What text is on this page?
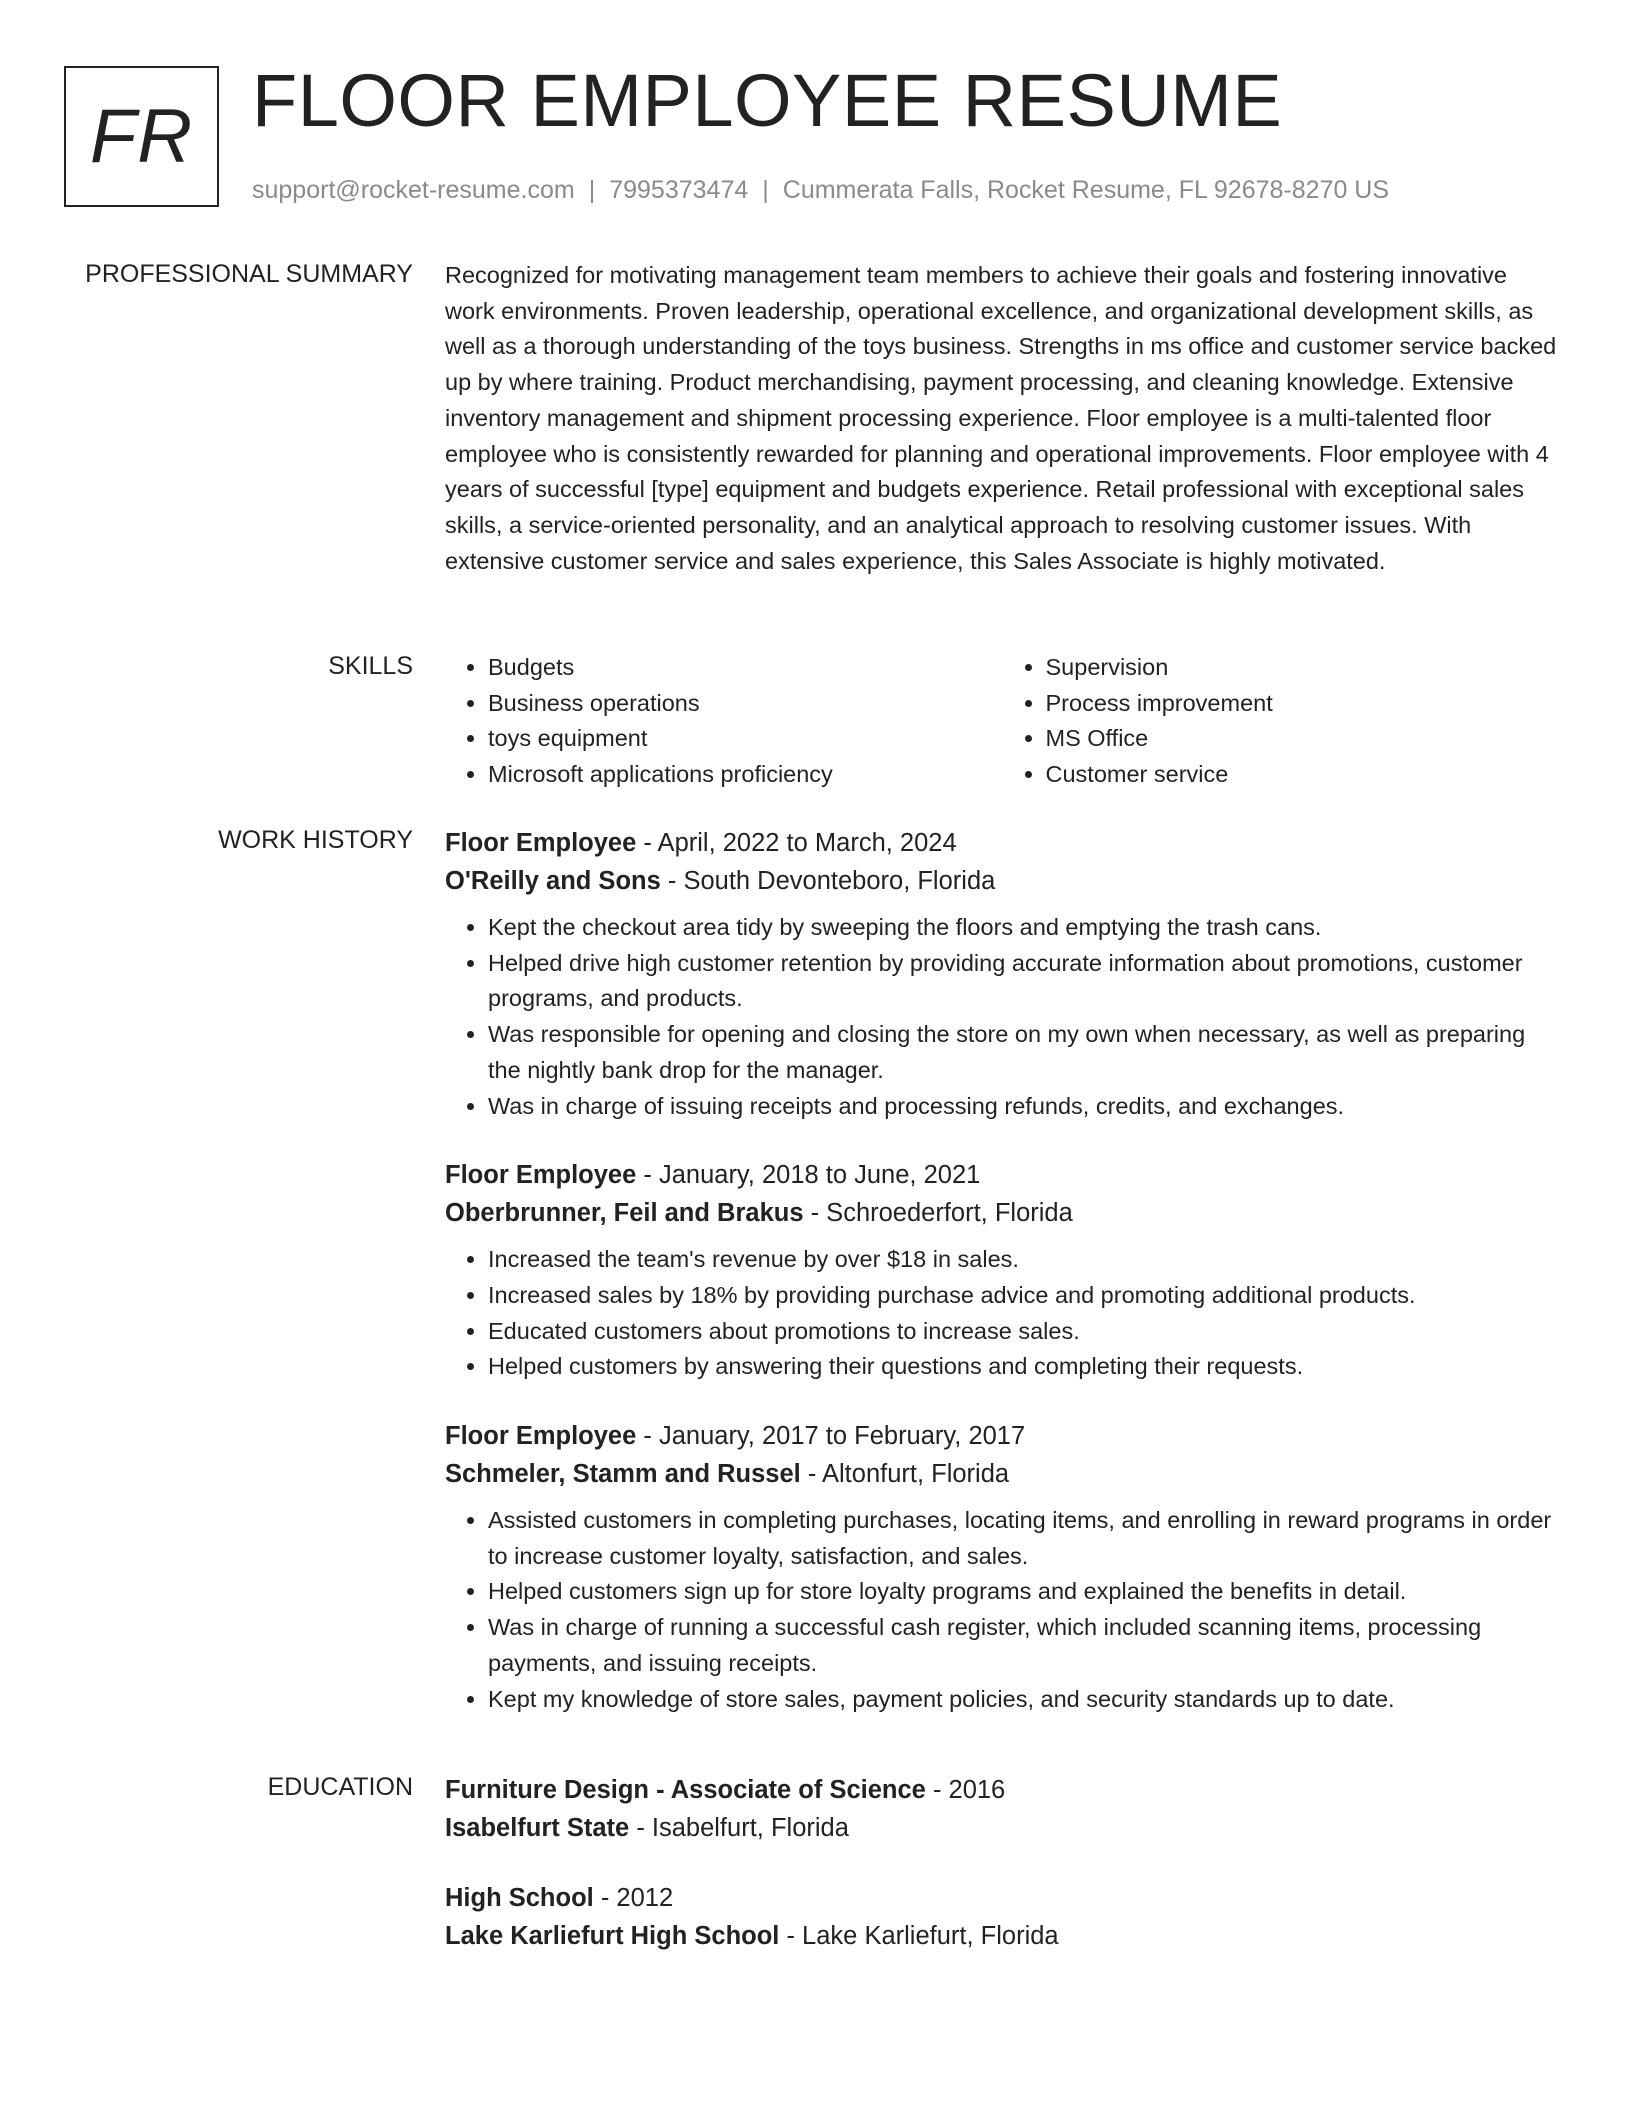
FR FLOOR EMPLOYEE RESUME
support@rocket-resume.com | 7995373474 | Cummerata Falls, Rocket Resume, FL 92678-8270 US
PROFESSIONAL SUMMARY Recognized for motivating management team members to achieve their goals and fostering innovative work environments. Proven leadership, operational excellence, and organizational development skills, as well as a thorough understanding of the toys business. Strengths in ms office and customer service backed up by where training. Product merchandising, payment processing, and cleaning knowledge. Extensive inventory management and shipment processing experience. Floor employee is a multi-talented floor employee who is consistently rewarded for planning and operational improvements. Floor employee with 4 years of successful [type] equipment and budgets experience. Retail professional with exceptional sales skills, a service-oriented personality, and an analytical approach to resolving customer issues. With extensive customer service and sales experience, this Sales Associate is highly motivated.

SKILLS
•	Budgets
• Business operations
• toys equipment
• Microsoft applications proficiency
• Supervision
• Process improvement
• MS Office
• Customer service
WORK HISTORY Floor Employee - April, 2022 to March, 2024

O'Reilly and Sons - South Devonteboro, Florida

• Kept the checkout area tidy by sweeping the floors and emptying the trash cans.
• Helped drive high customer retention by providing accurate information about promotions, customer programs, and products.
• Was responsible for opening and closing the store on my own when necessary, as well as preparing the nightly bank drop for the manager.
• Was in charge of issuing receipts and processing refunds, credits, and exchanges.

Floor Employee - January, 2018 to June, 2021

Oberbrunner, Feil and Brakus - Schroederfort, Florida

• Increased the team's revenue by over $18 in sales.
• Increased sales by 18% by providing purchase advice and promoting additional products.
• Educated customers about promotions to increase sales.
• Helped customers by answering their questions and completing their requests.

Floor Employee - January, 2017 to February, 2017

Schmeler, Stamm and Russel - Altonfurt, Florida

• Assisted customers in completing purchases, locating items, and enrolling in reward programs in order to increase customer loyalty, satisfaction, and sales.
• Helped customers sign up for store loyalty programs and explained the benefits in detail.
• Was in charge of running a successful cash register, which included scanning items, processing payments, and issuing receipts.
• Kept my knowledge of store sales, payment policies, and security standards up to date.
EDUCATION Furniture Design - Associate of Science - 2016

Isabelfurt State - Isabelfurt, Florida

High School - 2012

Lake Karliefurt High School - Lake Karliefurt, Florida
